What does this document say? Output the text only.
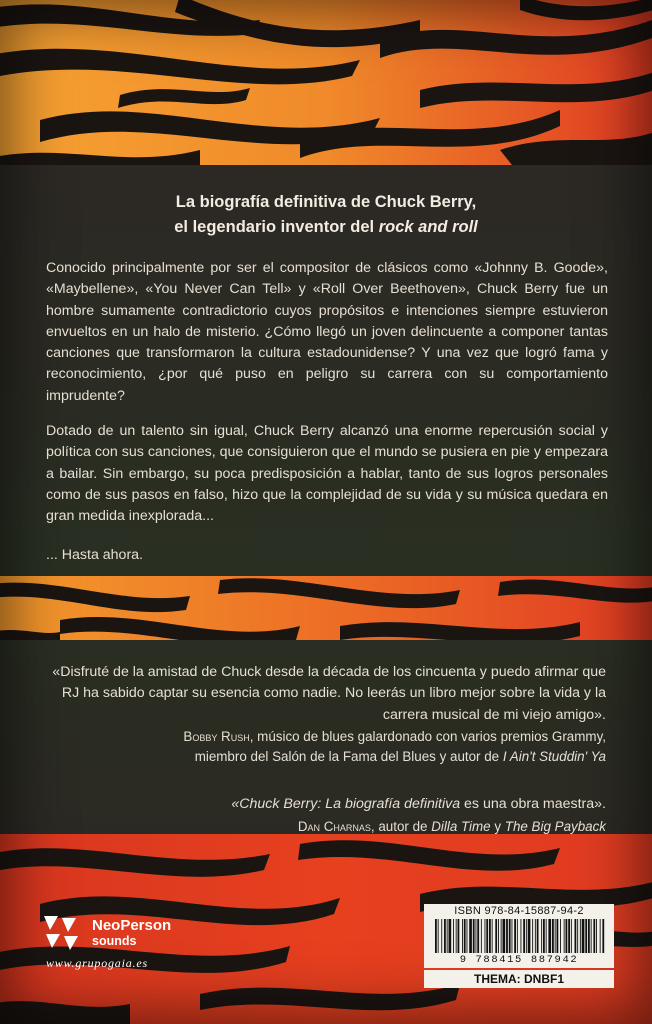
La biografía definitiva de Chuck Berry,
el legendario inventor del rock and roll

Conocido principalmente por ser el compositor de clásicos como «Johnny B. Goode», «Maybellene», «You Never Can Tell» y «Roll Over Beethoven», Chuck Berry fue un hombre sumamente contradictorio cuyos propósitos e intenciones siempre estuvieron envueltos en un halo de misterio. ¿Cómo llegó un joven delincuente a componer tantas canciones que transformaron la cultura estadounidense? Y una vez que logró fama y reconocimiento, ¿por qué puso en peligro su carrera con su comportamiento imprudente?

Dotado de un talento sin igual, Chuck Berry alcanzó una enorme repercusión social y política con sus canciones, que consiguieron que el mundo se pusiera en pie y empezara a bailar. Sin embargo, su poca predisposición a hablar, tanto de sus logros personales como de sus pasos en falso, hizo que la complejidad de su vida y su música quedara en gran medida inexplorada...

... Hasta ahora.

«Disfruté de la amistad de Chuck desde la década de los cincuenta y puedo afirmar que RJ ha sabido captar su esencia como nadie. No leerás un libro mejor sobre la vida y la carrera musical de mi viejo amigo».

Bobby Rush, músico de blues galardonado con varios premios Grammy,
miembro del Salón de la Fama del Blues y autor de I Ain't Studdin' Ya

«Chuck Berry: La biografía definitiva es una obra maestra».

Dan Charnas, autor de Dilla Time y The Big Payback

NeoPerson
sounds
www.grupogaia.es
ISBN 978-84-15887-94-2
9 788415 887942
THEMA: DNBF1
